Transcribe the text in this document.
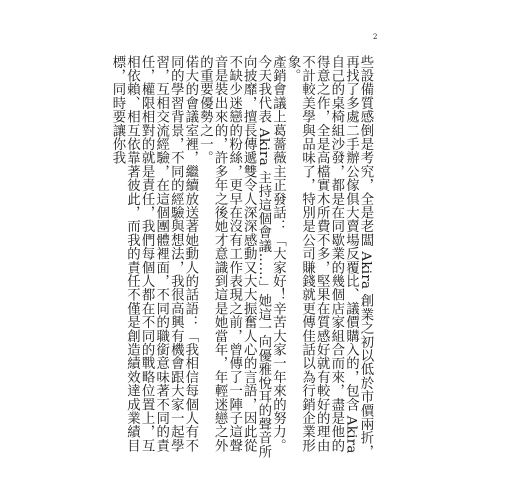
2

些設備質感倒是考究，全是老闆 Akira 創業之初以低於市價兩折，再找了多處二手辦公傢俱大賣場反覆比、議價購入的，包含 Akira 自己的桌椅組沙發，都是在同歇業的幾個店家組合而來，盡是他的得意之作，全是高檔實木所費不多，堅果在質感好就有較好的理由不計較美學與品味了，特別是公司賺錢就更傳佳話以為行銷企業形象。

產銷會議上葛薔薇主正發話：「大家好！辛苦大家一年來的努力。今天我代表 Akira 主持這個會議……」她這一向優雅悅耳的聲音所向披靡，擅長傳遞雙令人深深感動又大大振奮人心的言語，因此從不缺少迷戀的粉絲，更早在沒有工作表現之前，曾傳了一陣子這聲音是裝出來的，許多年之後她才意識到這是她當年，年輕迷戀之外的重要優勢之一。

偌大的會議室裡，繼續放送著她動人的話語：「我相信每個人有不同的學習背景，不同的經驗與想法，我很高興有機會跟大家一起學習，互相交流經驗，在這個團體裡面，不同的職銜意味著不同的責任，權限相對的就是責任，我們每個人都在不同的戰略位置上，互相依賴、相互依靠著彼此，而我的責任不僅是創造績效達成業績目標，同時要讓你我
